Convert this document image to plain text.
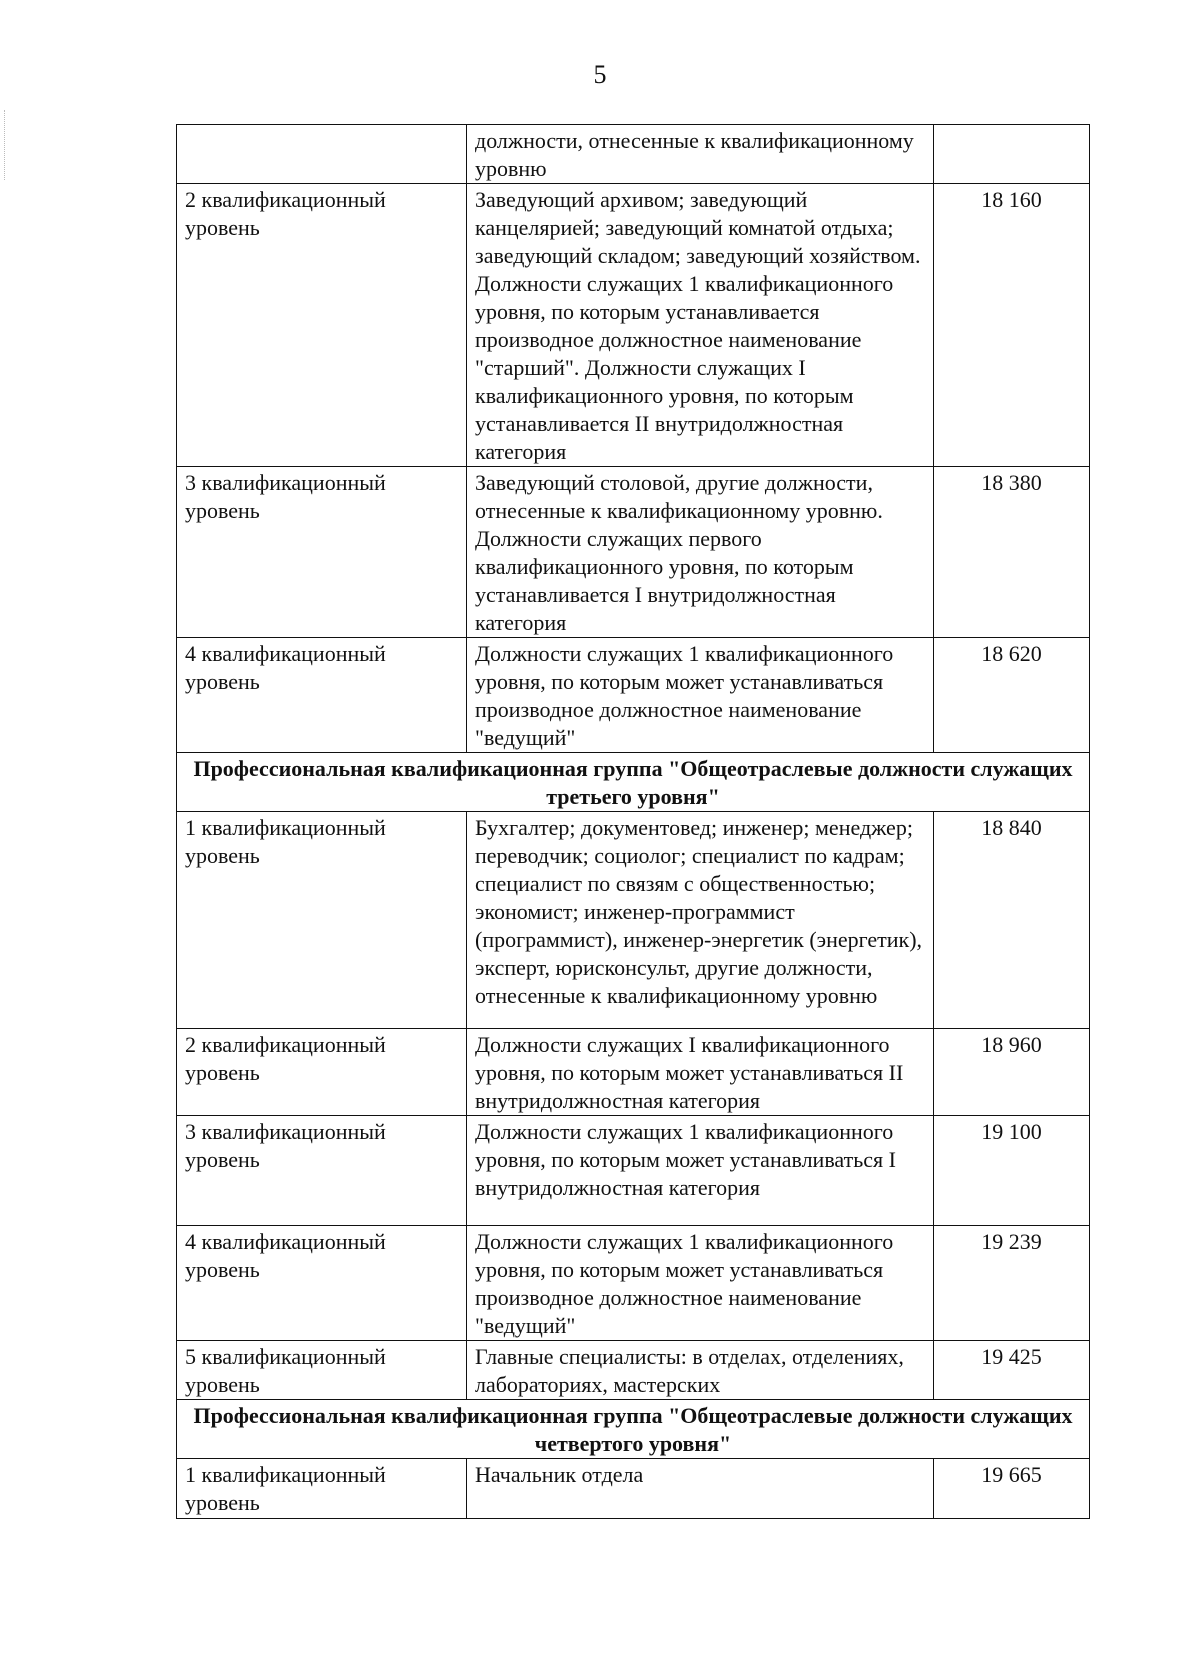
5
	должности, отнесенные к квалификационному уровню	
2 квалификационный уровень	Заведующий архивом; заведующий канцелярией; заведующий комнатой отдыха; заведующий складом; заведующий хозяйством. Должности служащих 1 квалификационного уровня, по которым устанавливается производное должностное наименование "старший". Должности служащих I квалификационного уровня, по которым устанавливается II внутридолжностная категория	18 160
3 квалификационный уровень	Заведующий столовой, другие должности, отнесенные к квалификационному уровню. Должности служащих первого квалификационного уровня, по которым устанавливается I внутридолжностная категория	18 380
4 квалификационный уровень	Должности служащих 1 квалификационного уровня, по которым может устанавливаться производное должностное наименование "ведущий"	18 620
Профессиональная квалификационная группа "Общеотраслевые должности служащих третьего уровня"		
1 квалификационный уровень	Бухгалтер; документовед; инженер; менеджер; переводчик; социолог; специалист по кадрам; специалист по связям с общественностью; экономист; инженер-программист (программист), инженер-энергетик (энергетик), эксперт, юрисконсульт, другие должности, отнесенные к квалификационному уровню	18 840
2 квалификационный уровень	Должности служащих I квалификационного уровня, по которым может устанавливаться II внутридолжностная категория	18 960
3 квалификационный уровень	Должности служащих 1 квалификационного уровня, по которым может устанавливаться I внутридолжностная категория	19 100
4 квалификационный уровень	Должности служащих 1 квалификационного уровня, по которым может устанавливаться производное должностное наименование "ведущий"	19 239
5 квалификационный уровень	Главные специалисты: в отделах, отделениях, лабораториях, мастерских	19 425
Профессиональная квалификационная группа "Общеотраслевые должности служащих четвертого уровня"		
1 квалификационный уровень	Начальник отдела	19 665
